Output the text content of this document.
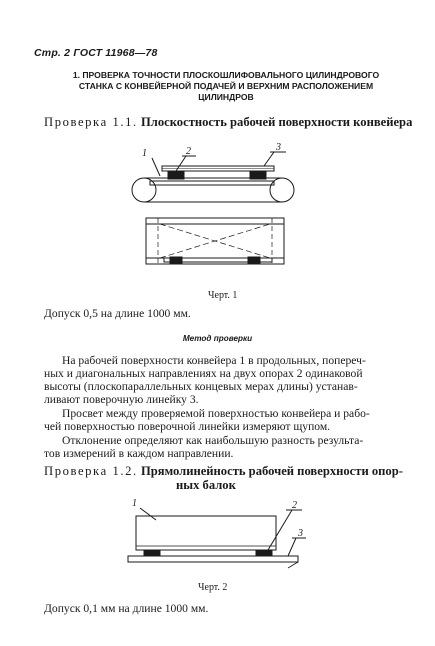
Стр. 2 ГОСТ 11968—78
1. ПРОВЕРКА ТОЧНОСТИ ПЛОСКОШЛИФОВАЛЬНОГО ЦИЛИНДРОВОГО
СТАНКА С КОНВЕЙЕРНОЙ ПОДАЧЕЙ И ВЕРХНИМ РАСПОЛОЖЕНИЕМ
ЦИЛИНДРОВ
Проверка 1.1. Плоскостность рабочей поверхности конвейера
1	2	3
Черт. 1
Допуск 0,5 на длине 1000 мм.
Метод проверки
На рабочей поверхности конвейера 1 в продольных, попереч-
ных и диагональных направлениях на двух опорах 2 одинаковой
высоты (плоскопараллельных концевых мерах длины) устанав-
ливают поверочную линейку 3.
Просвет между проверяемой поверхностью конвейера и рабо-
чей поверхностью поверочной линейки измеряют щупом.
Отклонение определяют как наибольшую разность результа-
тов измерений в каждом направлении.
Проверка 1.2. Прямолинейность рабочей поверхности опор-
ных балок
1	2
3
Черт. 2
Допуск 0,1 мм на длине 1000 мм.
